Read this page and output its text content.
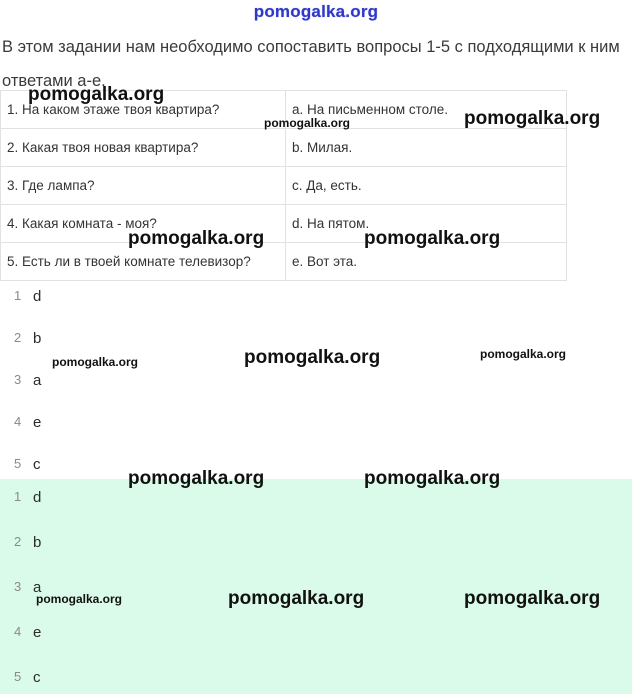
pomogalka.org
В этом задании нам необходимо сопоставить вопросы 1-5 с подходящими к ним ответами а-е.
1. На каком этаже твоя квартира?	a. На письменном столе.
2. Какая твоя новая квартира?	b. Милая.
3. Где лампа?	c. Да, есть.
4. Какая комната - моя?	d. На пятом.
5. Есть ли в твоей комнате телевизор?	e. Вот эта.
1 d
2 b
3 a
4 e
5 c
1 d
2 b
3 a
4 e
5 c
pomogalka.org
pomogalka.org	pomogalka.org
pomogalka.org	pomogalka.org
pomogalka.org	pomogalka.org	pomogalka.org
pomogalka.org	pomogalka.org
pomogalka.org	pomogalka.org	pomogalka.org
